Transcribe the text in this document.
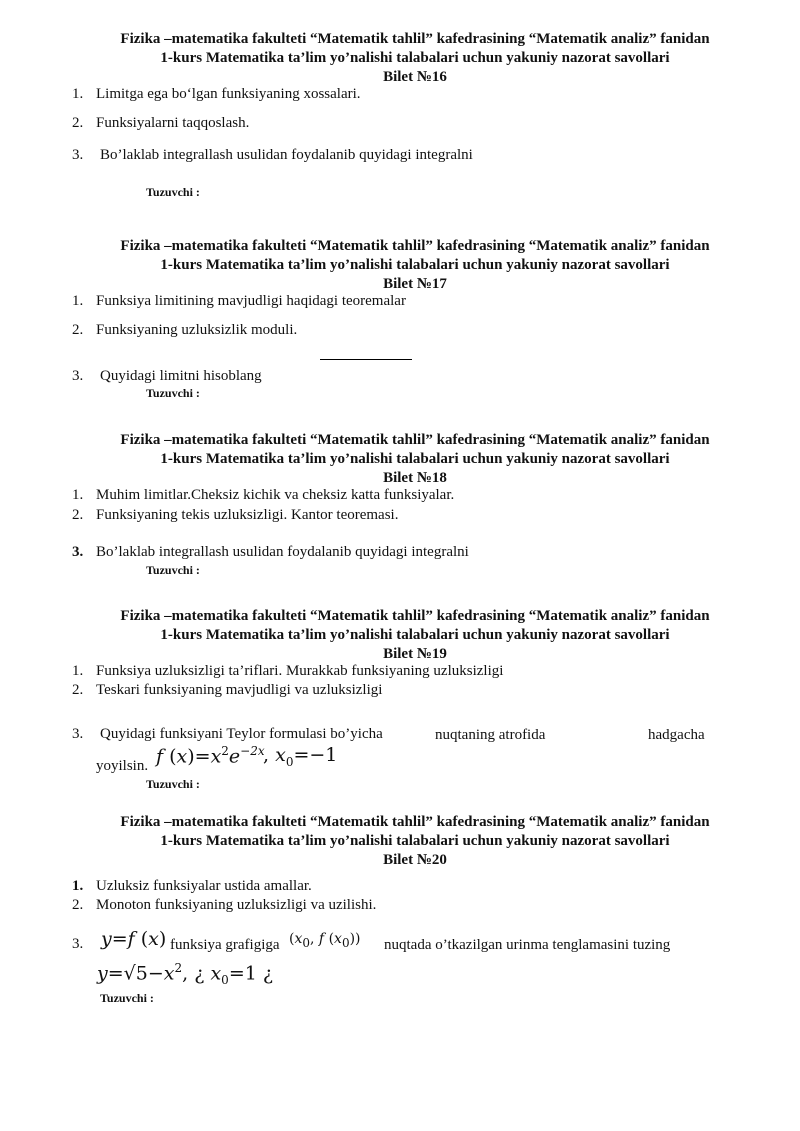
Fizika –matematika fakulteti “Matematik tahlil” kafedrasining “Matematik analiz” fanidan
1-kurs Matematika ta’lim yo’nalishi talabalari uchun yakuniy nazorat savollari
Bilet №16
1. Limitga ega bo‘lgan funksiyaning xossalari.
2. Funksiyalarni taqqoslash.
3. Bo’laklab integrallash usulidan foydalanib quyidagi integralni
Tuzuvchi :
Fizika –matematika fakulteti “Matematik tahlil” kafedrasining “Matematik analiz” fanidan
1-kurs Matematika ta’lim yo’nalishi talabalari uchun yakuniy nazorat savollari
Bilet №17
1. Funksiya limitining mavjudligi haqidagi teoremalar
2. Funksiyaning uzluksizlik moduli.
3. Quyidagi limitni hisoblang
Tuzuvchi :
Fizika –matematika fakulteti “Matematik tahlil” kafedrasining “Matematik analiz” fanidan
1-kurs Matematika ta’lim yo’nalishi talabalari uchun yakuniy nazorat savollari
Bilet №18
1. Muhim limitlar.Cheksiz kichik va cheksiz katta funksiyalar.
2. Funksiyaning tekis uzluksizligi. Kantor teoremasi.
3. Bo’laklab integrallash usulidan foydalanib quyidagi integralni
Tuzuvchi :
Fizika –matematika fakulteti “Matematik tahlil” kafedrasining “Matematik analiz” fanidan
1-kurs Matematika ta’lim yo’nalishi talabalari uchun yakuniy nazorat savollari
Bilet №19
1. Funksiya uzluksizligi ta’riflari. Murakkab funksiyaning uzluksizligi
2. Teskari funksiyaning mavjudligi va uzluksizligi
3. Quyidagi funksiyani Teylor formulasi bo’yicha	nuqtaning atrofida	hadgacha
yoyilsin. f $(x)=x^2e^{-2x}$
, $x_0=-1$
Tuzuvchi :
Fizika –matematika fakulteti “Matematik tahlil” kafedrasining “Matematik analiz” fanidan
1-kurs Matematika ta’lim yo’nalishi talabalari uchun yakuniy nazorat savollari
Bilet №20
1. Uzluksiz funksiyalar ustida amallar.
2. Monoton funksiyaning uzluksizligi va uzilishi.
3. y=f (x) funksiya grafigiga ($x_0$, f $(x_0)$) nuqtada o’tkazilgan urinma tenglamasini tuzing
$y=√5-x^2$, ¿ $x_0=1$ ¿
Tuzuvchi :
